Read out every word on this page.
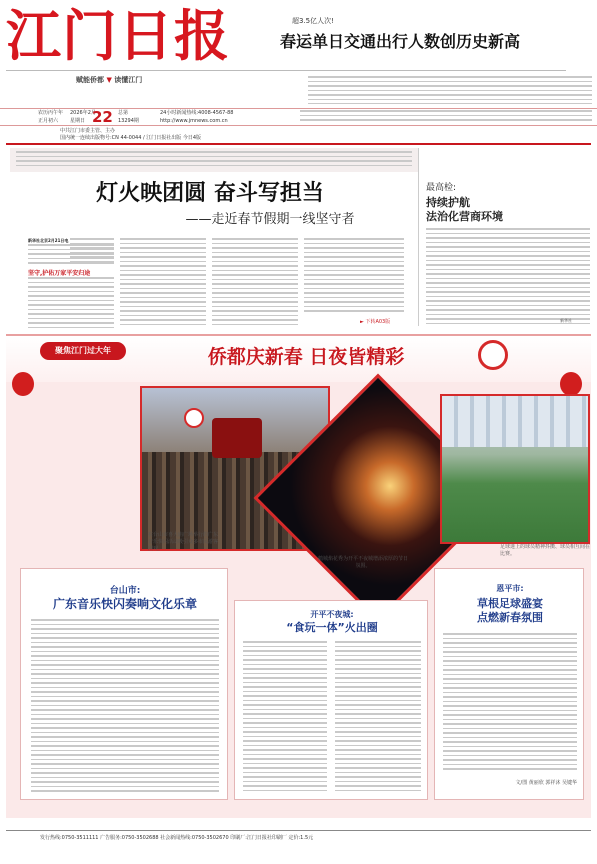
江门日报	超3.5亿人次!
春运单日交通出行人数创历史新高
赋能侨都 ▼ 读懂江门
农历丙午年
正月初六
2026年2月
星期日 22 总第
13294期
24小时新闻热线:4008-4567-88
http://www.jmnews.com.cn
中共江门市委主管、主办
国内统一连续出版物号:CN 44-0044 / 江门日报社出版 今日4版
灯火映团圆 奋斗写担当
——走近春节假期一线坚守者
新华社北京2月21日电
坚守,护佑万家平安归途
► 下转A03版
最高检:
持续护航
法治化营商环境
新华社
聚焦江门过大年	侨都庆新春 日夜皆精彩
在台山市喜大庙广场举行的广东音乐快闪活动吸引众多市民游客围观。
鹤城焰花秀为开平不夜城增添浓厚的节日氛围。
足球迷上的球员精神抖擞、球员相互间在比赛。
台山市:
广东音乐快闪奏响文化乐章
开平不夜城:
“食玩一体”火出圈
恩平市:
草根足球盛宴
点燃新春氛围
文/图 黄丽欣 郭祥沐 吴键华
发行热线:0750-3511111 广告服务:0750-3502688 社会新闻热线:0750-3502670 印刷厂:江门日报社印刷厂 定价:1.5元
